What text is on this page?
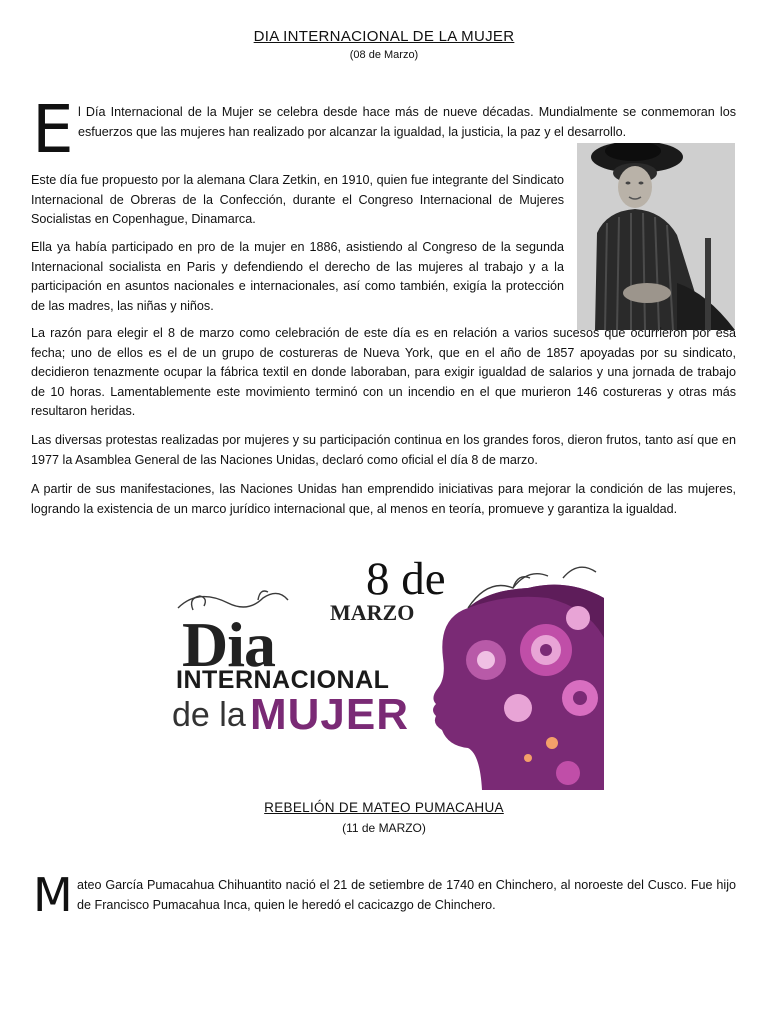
DIA INTERNACIONAL DE LA MUJER
(08 de Marzo)
E l Día Internacional de la Mujer se celebra desde hace más de nueve décadas. Mundialmente se conmemoran los esfuerzos que las mujeres han realizado por alcanzar la igualdad, la justicia, la paz y el desarrollo.

Este día fue propuesto por la alemana Clara Zetkin, en 1910, quien fue integrante del Sindicato Internacional de Obreras de la Confección, durante el Congreso Internacional de Mujeres Socialistas en Copenhague, Dinamarca.

Ella ya había participado en pro de la mujer en 1886, asistiendo al Congreso de la segunda Internacional socialista en Paris y defendiendo el derecho de las mujeres al trabajo y a la participación en asuntos nacionales e internacionales, así como también, exigía la protección de las madres, las niñas y niños.

La razón para elegir el 8 de marzo como celebración de este día es en relación a varios sucesos que ocurrieron por esa fecha; uno de ellos es el de un grupo de costureras de Nueva York, que en el año de 1857 apoyadas por su sindicato, decidieron tenazmente ocupar la fábrica textil en donde laboraban, para exigir igualdad de salarios y una jornada de trabajo de 10 horas. Lamentablemente este movimiento terminó con un incendio en el que murieron 146 costureras y otras más resultaron heridas.

Las diversas protestas realizadas por mujeres y su participación continua en los grandes foros, dieron frutos, tanto así que en 1977 la Asamblea General de las Naciones Unidas, declaró como oficial el día 8 de marzo.

A partir de sus manifestaciones, las Naciones Unidas han emprendido iniciativas para mejorar la condición de las mujeres, logrando la existencia de un marco jurídico internacional que, al menos en teoría, promueve y garantiza la igualdad.

8 de
MARZO
Dia
INTERNACIONAL
de la MUJER
REBELIÓN DE MATEO PUMACAHUA
(11 de MARZO)
M ateo García Pumacahua Chihuantito nació el 21 de setiembre de 1740 en Chinchero, al noroeste del Cusco. Fue hijo de Francisco Pumacahua Inca, quien le heredó el cacicazgo de Chinchero.
